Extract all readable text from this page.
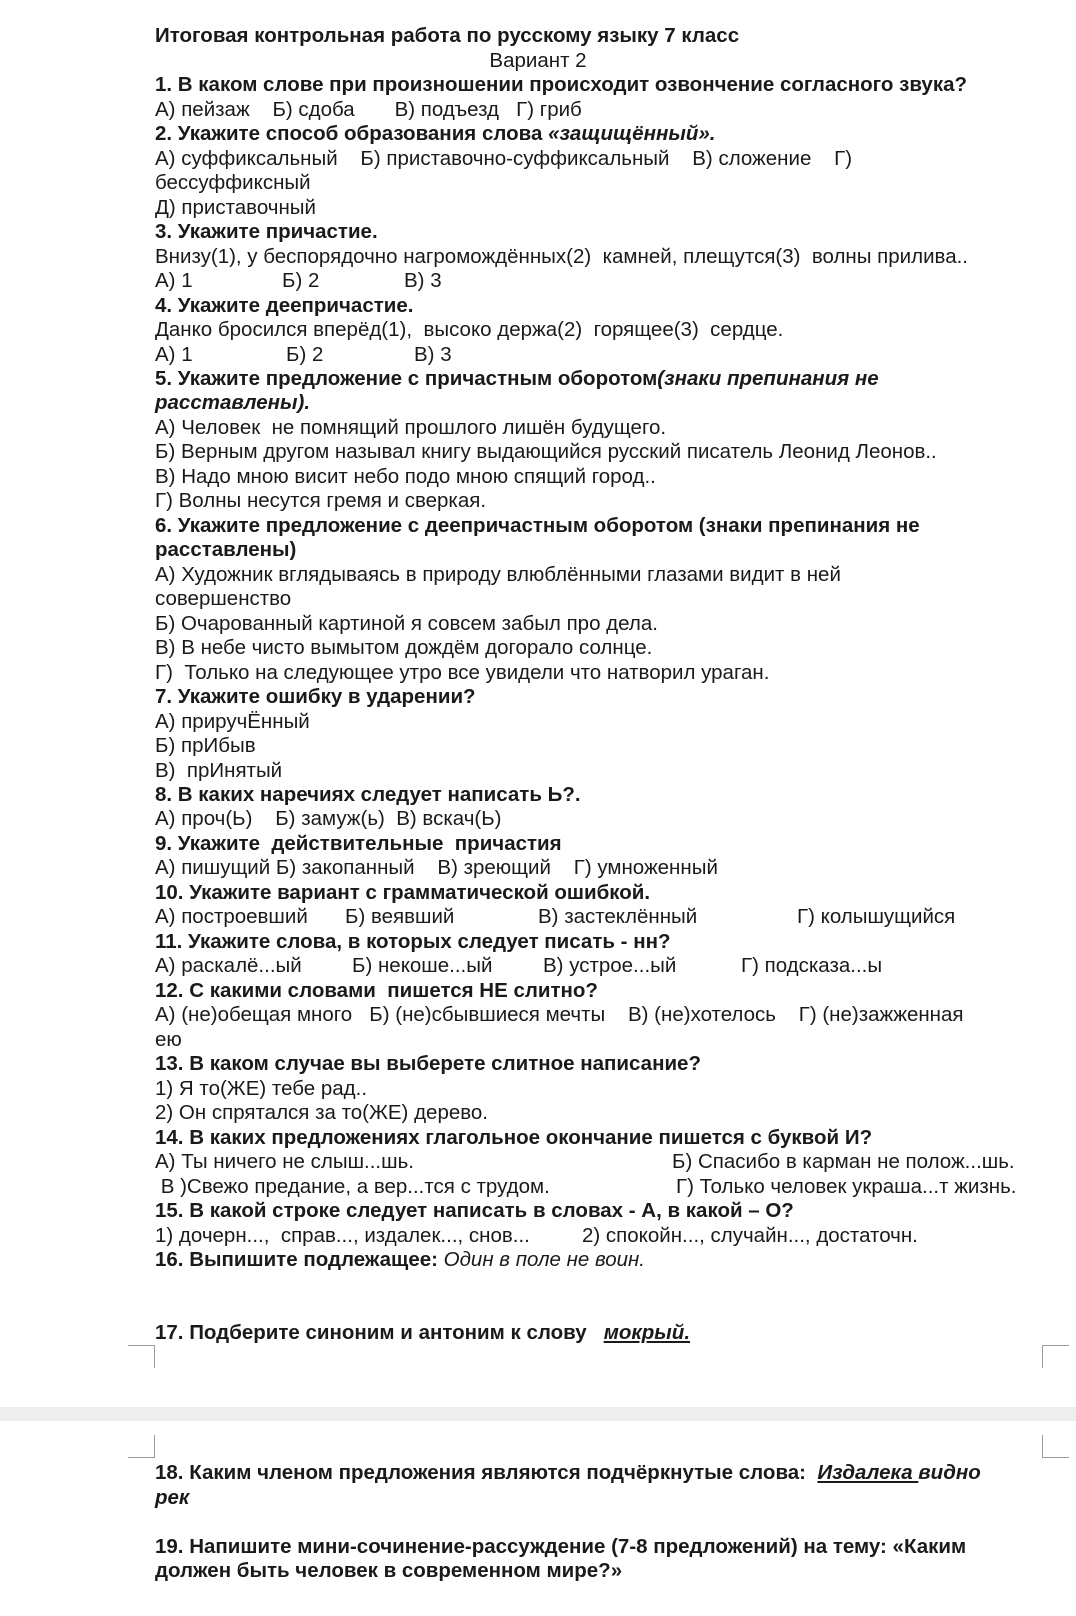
Итоговая контрольная работа по русскому языку 7 класс
Вариант 2
1. В каком слове при произношении происходит озвончение согласного звука?
А) пейзаж    Б) сдоба       В) подъезд   Г) гриб
2. Укажите способ образования слова «защищённый».
А) суффиксальный    Б) приставочно-суффиксальный    В) сложение    Г)
бессуффиксный
Д) приставочный
3. Укажите причастие.
Внизу(1), у беспорядочно нагромождённых(2)  камней, плещутся(3)  волны прилива..
А) 1	Б) 2	В) 3
4. Укажите деепричастие.
Данко бросился вперёд(1),  высоко держа(2)  горящее(3)  сердце.
А) 1	Б) 2	В) 3
5. Укажите предложение с причастным оборотом(знаки препинания не
расставлены).
А) Человек  не помнящий прошлого лишён будущего.
Б) Верным другом называл книгу выдающийся русский писатель Леонид Леонов..
В) Надо мною висит небо подо мною спящий город..
Г) Волны несутся гремя и сверкая.
6. Укажите предложение с деепричастным оборотом (знаки препинания не
расставлены)
А) Художник вглядываясь в природу влюблёнными глазами видит в ней
совершенство
Б) Очарованный картиной я совсем забыл про дела.
В) В небе чисто вымытом дождём догорало солнце.
Г)  Только на следующее утро все увидели что натворил ураган.
7. Укажите ошибку в ударении?
А) приручЁнный
Б) прИбыв
В)  прИнятый
8. В каких наречиях следует написать Ь?.
А) проч(Ь)    Б) замуж(ь)  В) вскач(Ь)
9. Укажите  действительные  причастия
А) пишущий Б) закопанный    В) зреющий    Г) умноженный
10. Укажите вариант с грамматической ошибкой.
А) построевший Б) веявший	В) застеклённый	Г) колышущийся
11. Укажите слова, в которых следует писать - нн?
А) раскалё...ый Б) некоше...ый В) устрое...ый	Г) подсказа...ы
12. С какими словами  пишется НЕ слитно?
А) (не)обещая много   Б) (не)сбывшиеся мечты    В) (не)хотелось    Г) (не)зажженная
ею
13. В каком случае вы выберете слитное написание?
1) Я то(ЖЕ) тебе рад..
2) Он спрятался за то(ЖЕ) дерево.
14. В каких предложениях глагольное окончание пишется с буквой И?
А) Ты ничего не слыш...шь.	Б) Спасибо в карман не полож...шь.
В )Свежо предание, а вер...тся с трудом.	Г) Только человек украша...т жизнь.
15. В какой строке следует написать в словах - А, в какой – О?
1) дочерн...,  справ..., издалек..., снов...	2) спокойн..., случайн..., достаточн.
16. Выпишите подлежащее: Один в поле не воин.
17. Подберите синоним и антоним к слову   мокрый.
18. Каким членом предложения являются подчёркнутые слова:  Издалека видно
рек
19. Напишите мини-сочинение-рассуждение (7-8 предложений) на тему: «Каким
должен быть человек в современном мире?»
